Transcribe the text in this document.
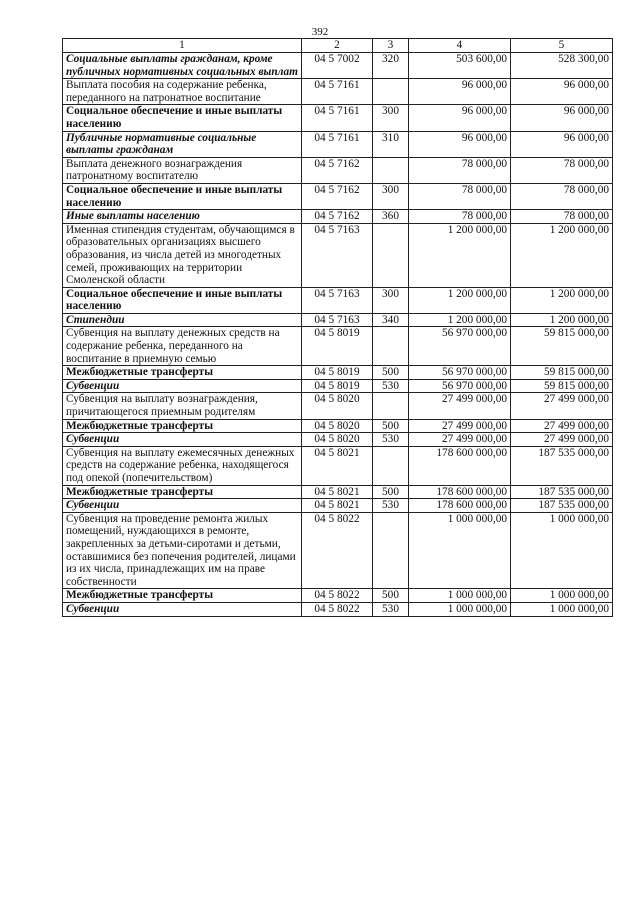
392
1	2	3	4	5
Социальные выплаты гражданам, кроме публичных нормативных социальных выплат	04 5 7002	320	503 600,00	528 300,00
Выплата пособия на содержание ребенка, переданного на патронатное воспитание	04 5 7161		96 000,00	96 000,00
Социальное обеспечение и иные выплаты населению	04 5 7161	300	96 000,00	96 000,00
Публичные нормативные социальные выплаты гражданам	04 5 7161	310	96 000,00	96 000,00
Выплата денежного вознаграждения патронатному воспитателю	04 5 7162		78 000,00	78 000,00
Социальное обеспечение и иные выплаты населению	04 5 7162	300	78 000,00	78 000,00
Иные выплаты населению	04 5 7162	360	78 000,00	78 000,00
Именная стипендия студентам, обучающимся в образовательных организациях высшего образования, из числа детей из многодетных семей, проживающих на территории Смоленской области	04 5 7163		1 200 000,00	1 200 000,00
Социальное обеспечение и иные выплаты населению	04 5 7163	300	1 200 000,00	1 200 000,00
Стипендии	04 5 7163	340	1 200 000,00	1 200 000,00
Субвенция на выплату денежных средств на содержание ребенка, переданного на воспитание в приемную семью	04 5 8019		56 970 000,00	59 815 000,00
Межбюджетные трансферты	04 5 8019	500	56 970 000,00	59 815 000,00
Субвенции	04 5 8019	530	56 970 000,00	59 815 000,00
Субвенция на выплату вознаграждения, причитающегося приемным родителям	04 5 8020		27 499 000,00	27 499 000,00
Межбюджетные трансферты	04 5 8020	500	27 499 000,00	27 499 000,00
Субвенции	04 5 8020	530	27 499 000,00	27 499 000,00
Субвенция на выплату ежемесячных денежных средств на содержание ребенка, находящегося под опекой (попечительством)	04 5 8021		178 600 000,00	187 535 000,00
Межбюджетные трансферты	04 5 8021	500	178 600 000,00	187 535 000,00
Субвенции	04 5 8021	530	178 600 000,00	187 535 000,00
Субвенция на проведение ремонта жилых помещений, нуждающихся в ремонте, закрепленных за детьми-сиротами и детьми, оставшимися без попечения родителей, лицами из их числа, принадлежащих им на праве собственности	04 5 8022		1 000 000,00	1 000 000,00
Межбюджетные трансферты	04 5 8022	500	1 000 000,00	1 000 000,00
Субвенции	04 5 8022	530	1 000 000,00	1 000 000,00
